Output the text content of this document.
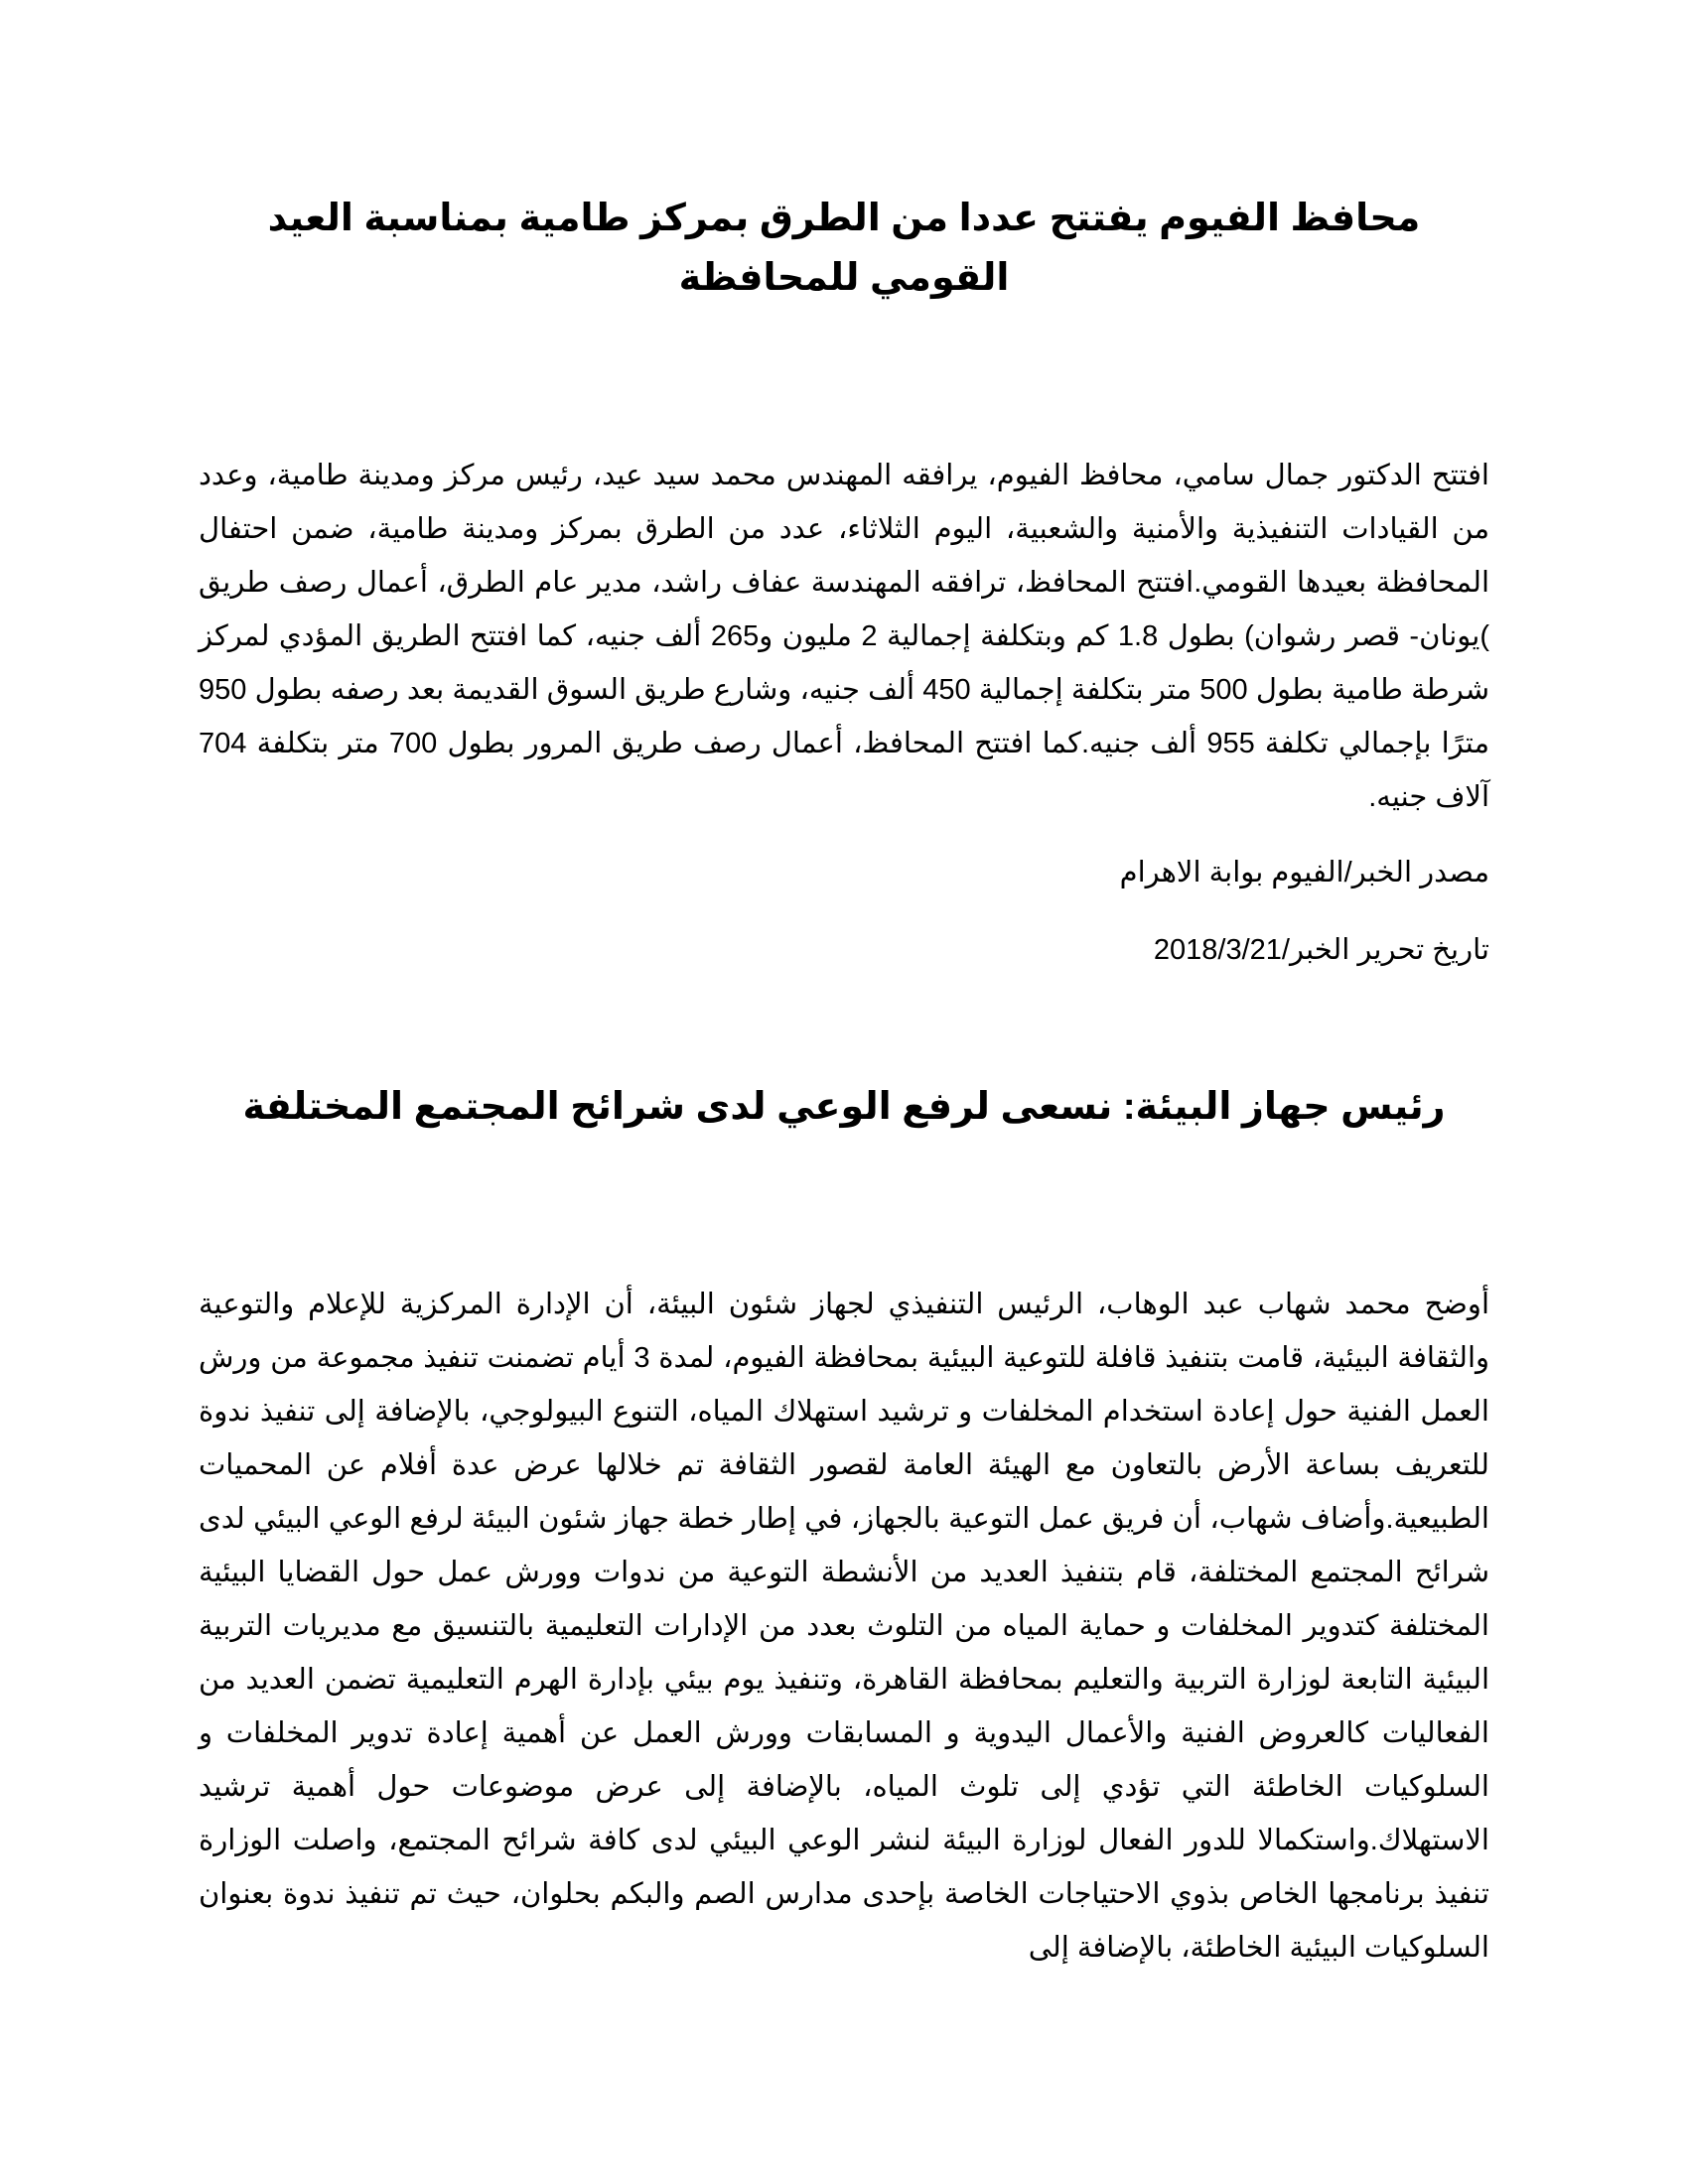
محافظ الفيوم يفتتح عددا من الطرق بمركز طامية بمناسبة العيد القومي للمحافظة

افتتح الدكتور جمال سامي، محافظ الفيوم، يرافقه المهندس محمد سيد عيد، رئيس مركز ومدينة طامية، وعدد من القيادات التنفيذية والأمنية والشعبية، اليوم الثلاثاء، عدد من الطرق بمركز ومدينة طامية، ضمن احتفال المحافظة بعيدها القومي.افتتح المحافظ، ترافقه المهندسة عفاف راشد، مدير عام الطرق، أعمال رصف طريق )يونان- قصر رشوان) بطول 1.8 كم وبتكلفة إجمالية 2 مليون و265 ألف جنيه، كما افتتح الطريق المؤدي لمركز شرطة طامية بطول 500 متر بتكلفة إجمالية 450 ألف جنيه، وشارع طريق السوق القديمة بعد رصفه بطول 950 مترًا بإجمالي تكلفة 955 ألف جنيه.كما افتتح المحافظ، أعمال رصف طريق المرور بطول 700 متر بتكلفة 704 آلاف جنيه.

مصدر الخبر/الفيوم بوابة الاهرام

تاريخ تحرير الخبر/2018/3/21

رئيس جهاز البيئة: نسعى لرفع الوعي لدى شرائح المجتمع المختلفة

أوضح محمد شهاب عبد الوهاب، الرئيس التنفيذي لجهاز شئون البيئة، أن الإدارة المركزية للإعلام والتوعية والثقافة البيئية، قامت بتنفيذ قافلة للتوعية البيئية بمحافظة الفيوم، لمدة 3 أيام تضمنت تنفيذ مجموعة من ورش العمل الفنية حول إعادة استخدام المخلفات و ترشيد استهلاك المياه، التنوع البيولوجي، بالإضافة إلى تنفيذ ندوة للتعريف بساعة الأرض بالتعاون مع الهيئة العامة لقصور الثقافة تم خلالها عرض عدة أفلام عن المحميات الطبيعية.وأضاف شهاب، أن فريق عمل التوعية بالجهاز، في إطار خطة جهاز شئون البيئة لرفع الوعي البيئي لدى شرائح المجتمع المختلفة، قام بتنفيذ العديد من الأنشطة التوعية من ندوات وورش عمل حول القضايا البيئية المختلفة كتدوير المخلفات و حماية المياه من التلوث بعدد من الإدارات التعليمية بالتنسيق مع مديريات التربية البيئية التابعة لوزارة التربية والتعليم بمحافظة القاهرة، وتنفيذ يوم بيئي بإدارة الهرم التعليمية تضمن العديد من الفعاليات كالعروض الفنية والأعمال اليدوية و المسابقات وورش العمل عن أهمية إعادة تدوير المخلفات و السلوكيات الخاطئة التي تؤدي إلى تلوث المياه، بالإضافة إلى عرض موضوعات حول أهمية ترشيد الاستهلاك.واستكمالا للدور الفعال لوزارة البيئة لنشر الوعي البيئي لدى كافة شرائح المجتمع، واصلت الوزارة تنفيذ برنامجها الخاص بذوي الاحتياجات الخاصة بإحدى مدارس الصم والبكم بحلوان، حيث تم تنفيذ ندوة بعنوان السلوكيات البيئية الخاطئة، بالإضافة إلى
